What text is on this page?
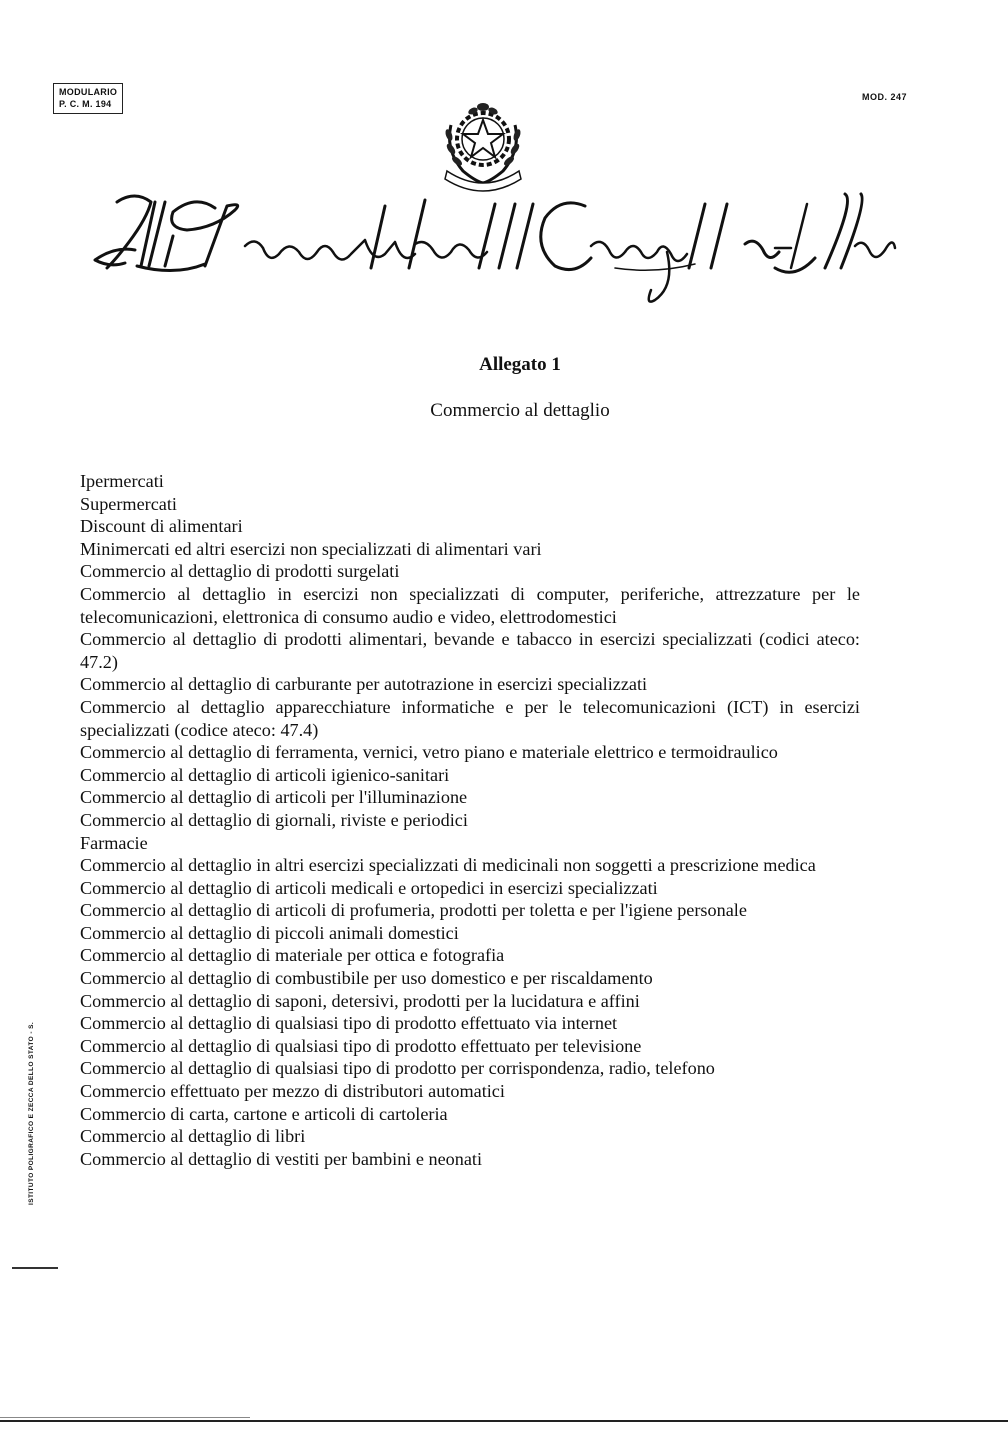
MODULARIO
P. C. M. 194
MOD. 247
Allegato 1
Commercio al dettaglio
Ipermercati
Supermercati
Discount di alimentari
Minimercati ed altri esercizi non specializzati di alimentari vari
Commercio al dettaglio di prodotti surgelati
Commercio al dettaglio in esercizi non specializzati di computer, periferiche, attrezzature per le telecomunicazioni, elettronica di consumo audio e video, elettrodomestici
Commercio al dettaglio di prodotti alimentari, bevande e tabacco in esercizi specializzati (codici ateco: 47.2)
Commercio al dettaglio di carburante per autotrazione in esercizi specializzati
Commercio al dettaglio apparecchiature informatiche e per le telecomunicazioni (ICT) in esercizi specializzati (codice ateco: 47.4)
Commercio al dettaglio di ferramenta, vernici, vetro piano e materiale elettrico e termoidraulico
Commercio al dettaglio di articoli igienico-sanitari
Commercio al dettaglio di articoli per l'illuminazione
Commercio al dettaglio di giornali, riviste e periodici
Farmacie
Commercio al dettaglio in altri esercizi specializzati di medicinali non soggetti a prescrizione medica
Commercio al dettaglio di articoli medicali e ortopedici in esercizi specializzati
Commercio al dettaglio di articoli di profumeria, prodotti per toletta e per l'igiene personale
Commercio al dettaglio di piccoli animali domestici
Commercio al dettaglio di materiale per ottica e fotografia
Commercio al dettaglio di combustibile per uso domestico e per riscaldamento
Commercio al dettaglio di saponi, detersivi, prodotti per la lucidatura e affini
Commercio al dettaglio di qualsiasi tipo di prodotto effettuato via internet
Commercio al dettaglio di qualsiasi tipo di prodotto effettuato per televisione
Commercio al dettaglio di qualsiasi tipo di prodotto per corrispondenza, radio, telefono
Commercio effettuato per mezzo di distributori automatici
Commercio di carta, cartone e articoli di cartoleria
Commercio al dettaglio di libri
Commercio al dettaglio di vestiti per bambini e neonati
ISTITUTO POLIGRAFICO E ZECCA DELLO STATO - S.
